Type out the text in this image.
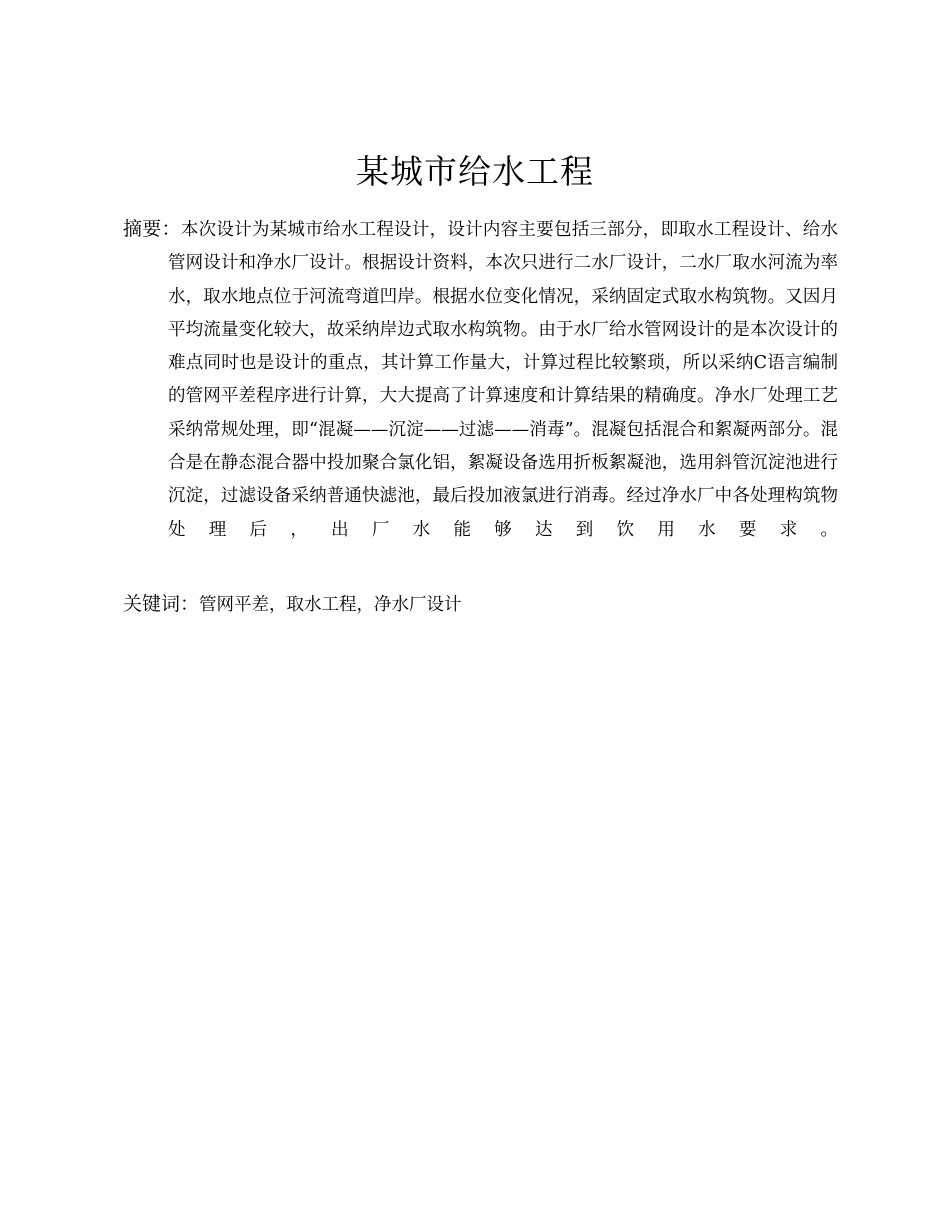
某城市给水工程
摘要：本次设计为某城市给水工程设计，设计内容主要包括三部分，即取水工程设计、给水管网设计和净水厂设计。根据设计资料，本次只进行二水厂设计，二水厂取水河流为率水，取水地点位于河流弯道凹岸。根据水位变化情况，采纳固定式取水构筑物。又因月平均流量变化较大，故采纳岸边式取水构筑物。由于水厂给水管网设计的是本次设计的难点同时也是设计的重点，其计算工作量大，计算过程比较繁琐，所以采纳C语言编制的管网平差程序进行计算，大大提高了计算速度和计算结果的精确度。净水厂处理工艺采纳常规处理，即“混凝——沉淀——过滤——消毒”。混凝包括混合和絮凝两部分。混合是在静态混合器中投加聚合氯化铝，絮凝设备选用折板絮凝池，选用斜管沉淀池进行沉淀，过滤设备采纳普通快滤池，最后投加液氯进行消毒。经过净水厂中各处理构筑物处理后，出厂水能够达到饮用水要求。
关键词：管网平差，取水工程，净水厂设计
